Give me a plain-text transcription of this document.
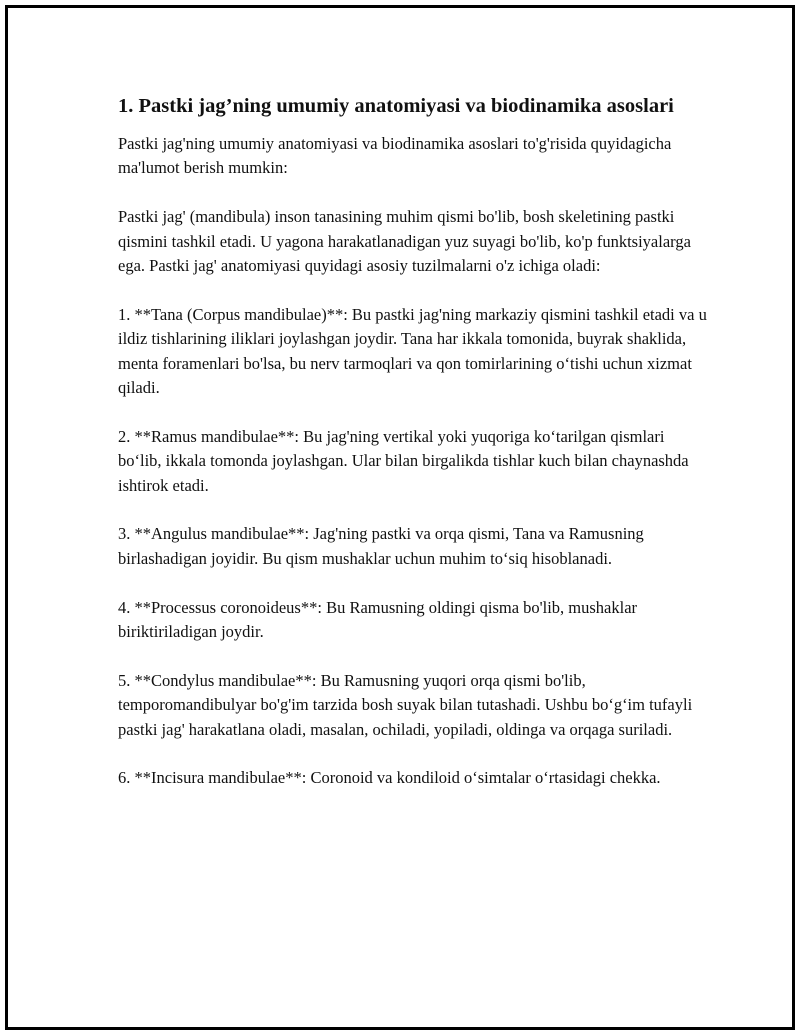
1. Pastki jag’ning umumiy anatomiyasi va biodinamika asoslari

Pastki jag'ning umumiy anatomiyasi va biodinamika asoslari to'g'risida quyidagicha ma'lumot berish mumkin:

Pastki jag' (mandibula) inson tanasining muhim qismi bo'lib, bosh skeletining pastki qismini tashkil etadi. U yagona harakatlanadigan yuz suyagi bo'lib, ko'p funktsiyalarga ega. Pastki jag' anatomiyasi quyidagi asosiy tuzilmalarni o'z ichiga oladi:

1. **Tana (Corpus mandibulae)**: Bu pastki jag'ning markaziy qismini tashkil etadi va u ildiz tishlarining iliklari joylashgan joydir. Tana har ikkala tomonida, buyrak shaklida, menta foramenlari bo'lsa, bu nerv tarmoqlari va qon tomirlarining o‘tishi uchun xizmat qiladi.

2. **Ramus mandibulae**: Bu jag'ning vertikal yoki yuqoriga ko‘tarilgan qismlari bo‘lib, ikkala tomonda joylashgan. Ular bilan birgalikda tishlar kuch bilan chaynashda ishtirok etadi.

3. **Angulus mandibulae**: Jag'ning pastki va orqa qismi, Tana va Ramusning birlashadigan joyidir. Bu qism mushaklar uchun muhim to‘siq hisoblanadi.

4. **Processus coronoideus**: Bu Ramusning oldingi qisma bo'lib, mushaklar biriktiriladigan joydir.

5. **Condylus mandibulae**: Bu Ramusning yuqori orqa qismi bo'lib, temporomandibulyar bo'g'im tarzida bosh suyak bilan tutashadi. Ushbu bo‘g‘im tufayli pastki jag' harakatlana oladi, masalan, ochiladi, yopiladi, oldinga va orqaga suriladi.

6. **Incisura mandibulae**: Coronoid va kondiloid o‘simtalar o‘rtasidagi chekka.
